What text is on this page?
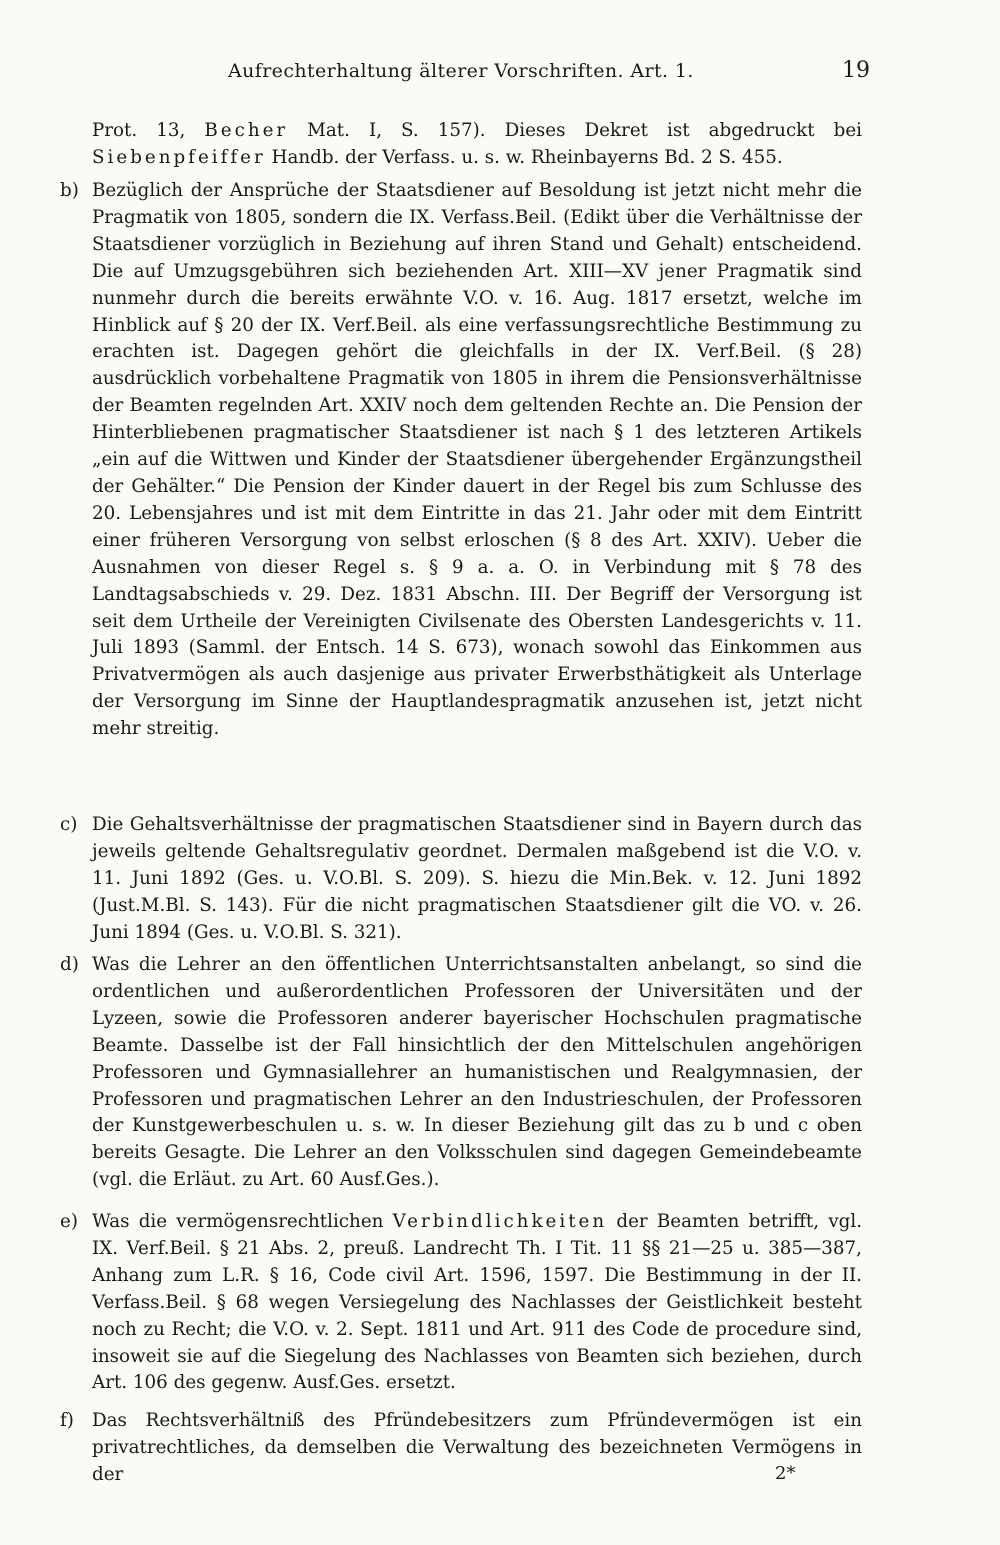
Aufrechterhaltung älterer Vorschriften. Art. 1.	19

Prot. 13, Becher Mat. I, S. 157). Dieses Dekret ist abgedruckt bei Siebenpfeiffer Handb. der Verfass. u. s. w. Rheinbayerns Bd. 2 S. 455.

b) Bezüglich der Ansprüche der Staatsdiener auf Besoldung ist jetzt nicht mehr die Pragmatik von 1805, sondern die IX. Verfass.Beil. (Edikt über die Verhältnisse der Staatsdiener vorzüglich in Beziehung auf ihren Stand und Gehalt) entscheidend. Die auf Umzugsgebühren sich beziehenden Art. XIII—XV jener Pragmatik sind nunmehr durch die bereits erwähnte V.O. v. 16. Aug. 1817 ersetzt, welche im Hinblick auf § 20 der IX. Verf.Beil. als eine verfassungsrechtliche Bestimmung zu erachten ist. Dagegen gehört die gleichfalls in der IX. Verf.Beil. (§ 28) ausdrücklich vorbehaltene Pragmatik von 1805 in ihrem die Pensionsverhältnisse der Beamten regelnden Art. XXIV noch dem geltenden Rechte an. Die Pension der Hinterbliebenen pragmatischer Staatsdiener ist nach § 1 des letzteren Artikels „ein auf die Wittwen und Kinder der Staatsdiener übergehender Ergänzungstheil der Gehälter.“ Die Pension der Kinder dauert in der Regel bis zum Schlusse des 20. Lebensjahres und ist mit dem Eintritte in das 21. Jahr oder mit dem Eintritt einer früheren Versorgung von selbst erloschen (§ 8 des Art. XXIV). Ueber die Ausnahmen von dieser Regel s. § 9 a. a. O. in Verbindung mit § 78 des Landtagsabschieds v. 29. Dez. 1831 Abschn. III. Der Begriff der Versorgung ist seit dem Urtheile der Vereinigten Civilsenate des Obersten Landesgerichts v. 11. Juli 1893 (Samml. der Entsch. 14 S. 673), wonach sowohl das Einkommen aus Privatvermögen als auch dasjenige aus privater Erwerbsthätigkeit als Unterlage der Versorgung im Sinne der Hauptlandespragmatik anzusehen ist, jetzt nicht mehr streitig.

c) Die Gehaltsverhältnisse der pragmatischen Staatsdiener sind in Bayern durch das jeweils geltende Gehaltsregulativ geordnet. Dermalen maßgebend ist die V.O. v. 11. Juni 1892 (Ges. u. V.O.Bl. S. 209). S. hiezu die Min.Bek. v. 12. Juni 1892 (Just.M.Bl. S. 143). Für die nicht pragmatischen Staatsdiener gilt die VO. v. 26. Juni 1894 (Ges. u. V.O.Bl. S. 321).

d) Was die Lehrer an den öffentlichen Unterrichtsanstalten anbelangt, so sind die ordentlichen und außerordentlichen Professoren der Universitäten und der Lyzeen, sowie die Professoren anderer bayerischer Hochschulen pragmatische Beamte. Dasselbe ist der Fall hinsichtlich der den Mittelschulen angehörigen Professoren und Gymnasiallehrer an humanistischen und Realgymnasien, der Professoren und pragmatischen Lehrer an den Industrieschulen, der Professoren der Kunstgewerbeschulen u. s. w. In dieser Beziehung gilt das zu b und c oben bereits Gesagte. Die Lehrer an den Volksschulen sind dagegen Gemeindebeamte (vgl. die Erläut. zu Art. 60 Ausf.Ges.).

e) Was die vermögensrechtlichen Verbindlichkeiten der Beamten betrifft, vgl. IX. Verf.Beil. § 21 Abs. 2, preuß. Landrecht Th. I Tit. 11 §§ 21—25 u. 385—387, Anhang zum L.R. § 16, Code civil Art. 1596, 1597. Die Bestimmung in der II. Verfass.Beil. § 68 wegen Versiegelung des Nachlasses der Geistlichkeit besteht noch zu Recht; die V.O. v. 2. Sept. 1811 und Art. 911 des Code de procedure sind, insoweit sie auf die Siegelung des Nachlasses von Beamten sich beziehen, durch Art. 106 des gegenw. Ausf.Ges. ersetzt.

f) Das Rechtsverhältniß des Pfründebesitzers zum Pfründevermögen ist ein privatrechtliches, da demselben die Verwaltung des bezeichneten Vermögens in der	2*
